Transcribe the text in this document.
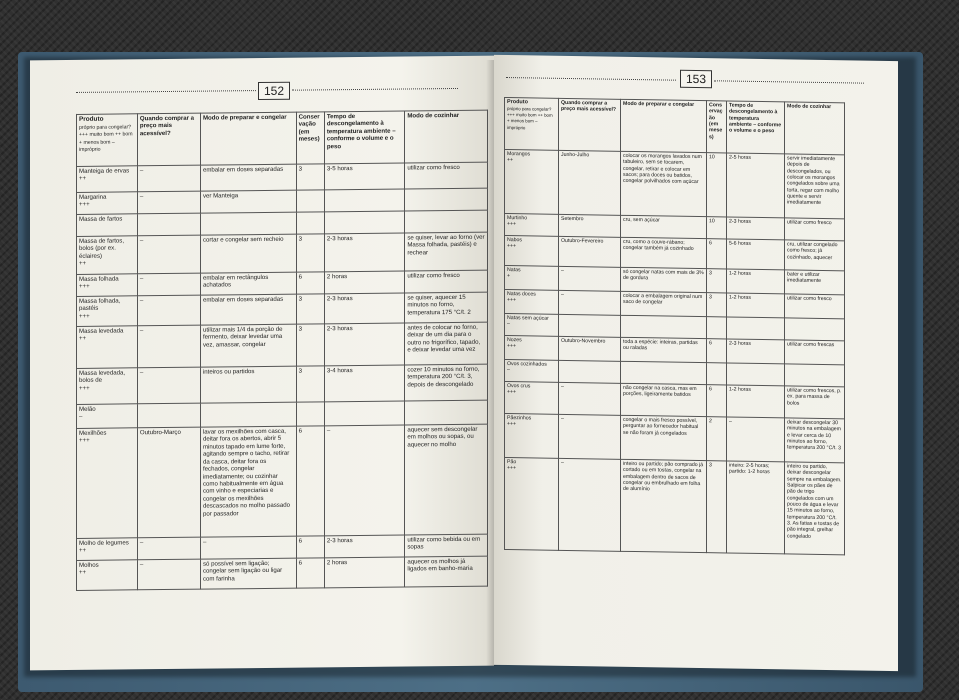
152
Produto
próprio para congelar? +++ muito bom ++ bom + menos bom – impróprio	Quando comprar a preço mais acessível?	Modo de preparar e congelar	Conservação (em meses)	Tempo de descongelamento à temperatura ambiente – conforme o volume e o peso	Modo de cozinhar

Manteiga de ervas
++	–	embalar em doses separadas	3	3-5 horas	utilizar como fresco

Margarina
+++	–	ver Manteiga			

Massa de fartos					

Massa de fartos, bolos (por ex. éclaires)
++	–	cortar e congelar sem recheio	3	2-3 horas	se quiser, levar ao forno (ver Massa folhada, pastéis) e rechear

Massa folhada
+++	–	embalar em rectângulos achatados	6	2 horas	utilizar como fresco

Massa folhada, pastéis
+++	–	embalar em doses separadas	3	2-3 horas	se quiser, aquecer 15 minutos no forno, temperatura 175 °C/t. 2

Massa levedada
++	–	utilizar mais 1/4 da porção de fermento, deixar levedar uma vez, amassar, congelar	3	2-3 horas	antes de colocar no forno, deixar de um dia para o outro no frigorífico, tapado, e deixar levedar uma vez

Massa levedada, bolos de
+++	–	inteiros ou partidos	3	3-4 horas	cozer 10 minutos no forno, temperatura 200 °C/t. 3, depois de descongelado

Melão
–					

Mexilhões
+++	Outubro-Março	lavar os mexilhões com casca, deitar fora os abertos, abrir 5 minutos tapado em lume forte, agitando sempre o tacho, retirar da casca, deitar fora os fechados, congelar imediatamente; ou cozinhar como habitualmente em água com vinho e especiarias e congelar os mexilhões descascados no molho passado por passador	6	–	aquecer sem descongelar em molhos ou sopas, ou aquecer no molho

Molho de legumes
++	–	–	6	2-3 horas	utilizar como bebida ou em sopas

Molhos
++	–	só possível sem ligação; congelar sem ligação ou ligar com farinha	6	2 horas	aquecer os molhos já ligados em banho-maria
153
Produto
próprio para congelar? +++ muito bom ++ bom + menos bom – impróprio	Quando comprar a preço mais acessível?	Modo de preparar e congelar	Conservação (em meses)	Tempo de descongelamento à temperatura ambiente – conforme o volume e o peso	Modo de cozinhar

Morangos
++	Junho-Julho	colocar os morangos lavados num tabuleiro, sem se tocarem, congelar, retirar e colocar em sacos; para doces ou batidos, congelar polvilhados com açúcar	10	2-5 horas	servir imediatamente depois de descongelados, ou colocar os morangos congelados sobre uma torta, regar com molho quente e servir imediatamente

Murtinho
+++	Setembro	cru, sem açúcar	10	2-3 horas	utilizar como fresco

Nabos
+++	Outubro-Fevereiro	cru, como a couve-rábano; congelar também já cozinhado	6	5-6 horas	cru, utilizar congelado como fresco; já cozinhado, aquecer

Natas
+	–	só congelar natas com mais de 3% de gordura	3	1-2 horas	bater e utilizar imediatamente

Natas doces
+++	–	colocar a embalagem original num saco de congelar	3	1-2 horas	utilizar como fresco

Natas sem açúcar
–					

Nozes
+++	Outubro-Novembro	toda a espécie: inteiras, partidas ou raladas	6	2-3 horas	utilizar como frescas

Ovos cozinhados
–					

Ovos crus
+++	–	não congelar na casca, mas em porções, ligeiramente batidos	6	1-2 horas	utilizar como frescos, p. ex. para massa de bolos

Pãezinhos
+++	–	congelar o mais fresco possível, perguntar ao fornecedor habitual se não foram já congelados	2	–	deixar descongelar 30 minutos na embalagem e levar cerca de 10 minutos ao forno, temperatura 200 °C/t. 3

Pão
+++	–	inteiro ou partido; pão comprado já cortado ou em tostas, congelar na embalagem dentro de sacos de congelar ou embrulhado em folha de alumínio	3	inteiro: 2-5 horas; partido: 1-2 horas	inteiro ou partido, deixar descongelar sempre na embalagem. Salpicar os pães de pão de trigo congelados com um pouco de água e levar 15 minutos ao forno, temperatura 200 °C/t. 3. As fatias e tostas de pão integral, grelhar congelado
